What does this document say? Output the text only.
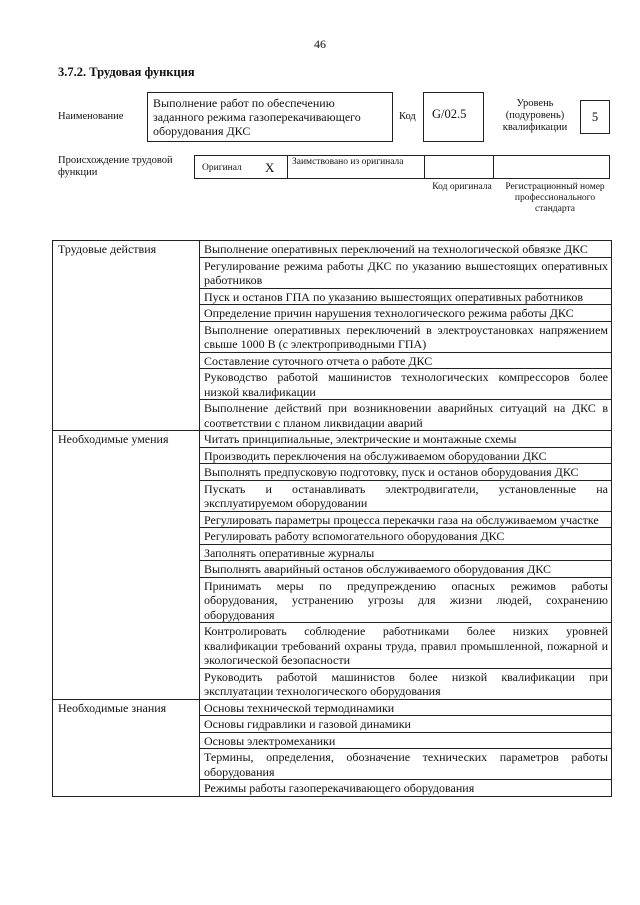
46
3.7.2. Трудовая функция
Наименование
Выполнение работ по обеспечению заданного режима газоперекачивающего оборудования ДКС
Код	G/02.5
Уровень (подуровень) квалификации
5
Происхождение трудовой функции	Оригинал X	Заимствовано из оригинала
Код оригинала	Регистрационный номер профессионального стандарта
Трудовые действия	Выполнение оперативных переключений на технологической обвязке ДКС
	Регулирование режима работы ДКС по указанию вышестоящих оперативных работников
	Пуск и останов ГПА по указанию вышестоящих оперативных работников
	Определение причин нарушения технологического режима работы ДКС
	Выполнение оперативных переключений в электроустановках напряжением свыше 1000 В (с электроприводными ГПА)
	Составление суточного отчета о работе ДКС
	Руководство работой машинистов технологических компрессоров более низкой квалификации
	Выполнение действий при возникновении аварийных ситуаций на ДКС в соответствии с планом ликвидации аварий
Необходимые умения	Читать принципиальные, электрические и монтажные схемы
	Производить переключения на обслуживаемом оборудовании ДКС
	Выполнять предпусковую подготовку, пуск и останов оборудования ДКС
	Пускать и останавливать электродвигатели, установленные на эксплуатируемом оборудовании
	Регулировать параметры процесса перекачки газа на обслуживаемом участке
	Регулировать работу вспомогательного оборудования ДКС
	Заполнять оперативные журналы
	Выполнять аварийный останов обслуживаемого оборудования ДКС
	Принимать меры по предупреждению опасных режимов работы оборудования, устранению угрозы для жизни людей, сохранению оборудования
	Контролировать соблюдение работниками более низких уровней квалификации требований охраны труда, правил промышленной, пожарной и экологической безопасности
	Руководить работой машинистов более низкой квалификации при эксплуатации технологического оборудования
Необходимые знания	Основы технической термодинамики
	Основы гидравлики и газовой динамики
	Основы электромеханики
	Термины, определения, обозначение технических параметров работы оборудования
	Режимы работы газоперекачивающего оборудования
